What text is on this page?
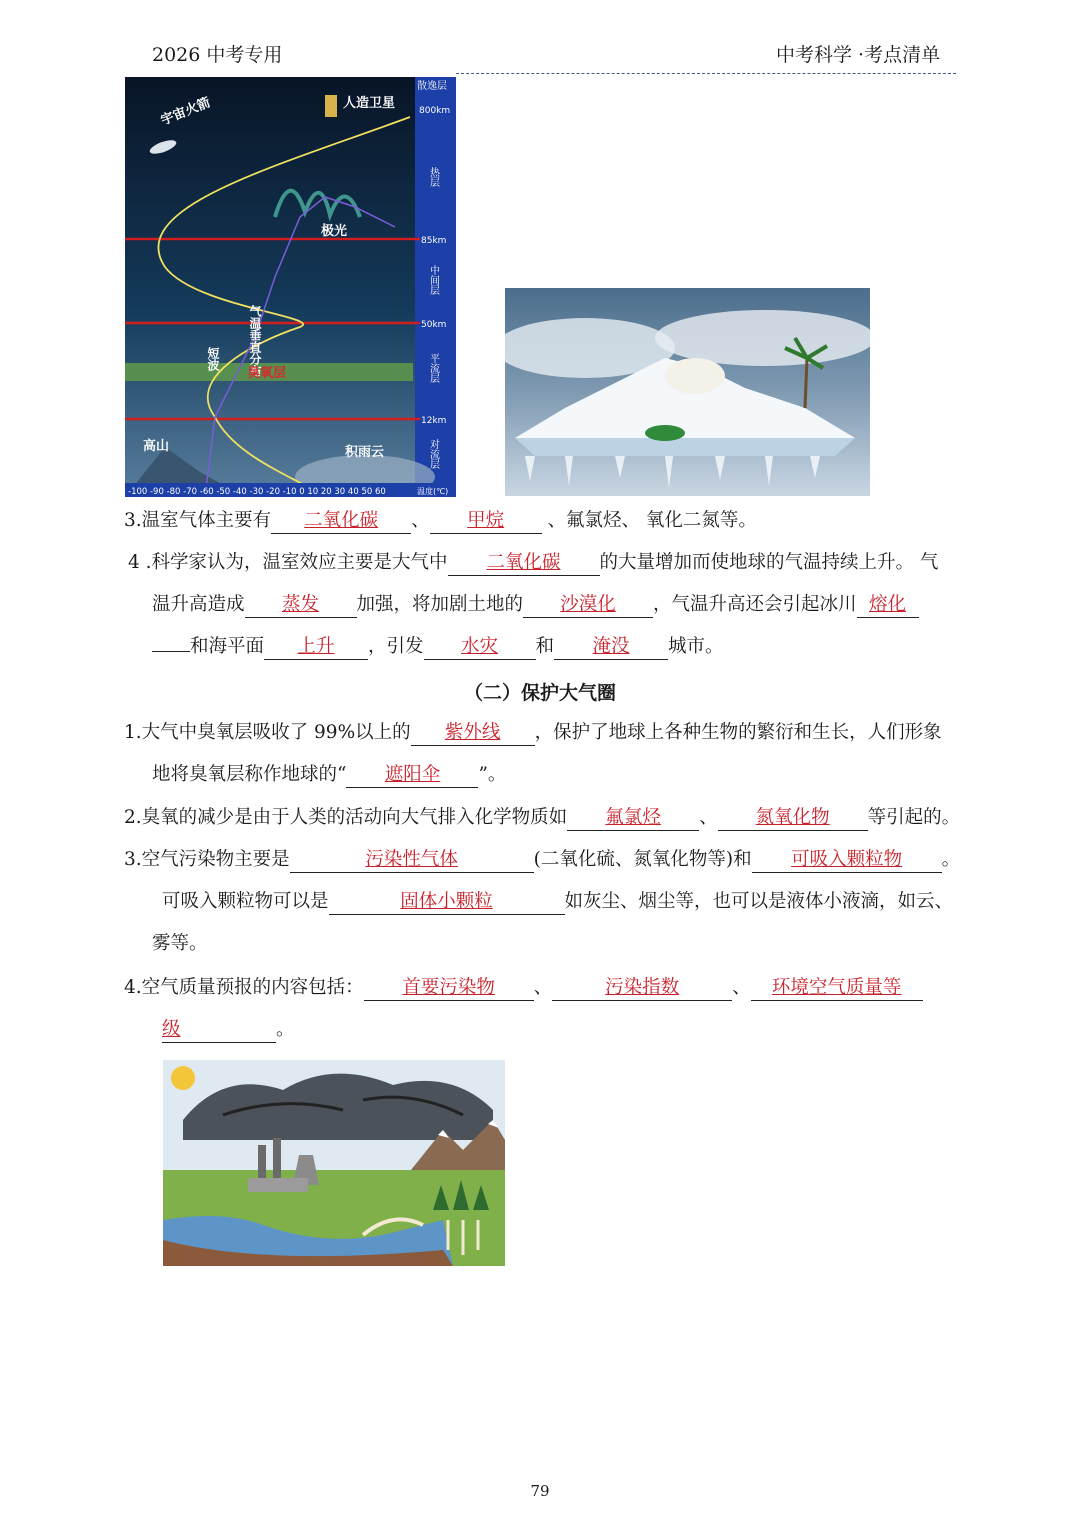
2026 中考专用	中考科学 ·考点清单
宇宙火箭	人造卫星
极光
气温垂直分布
短波
臭氧层
高山	积雨云
散逸层
800km
热层
85km
中间层
50km
平流层
12km
对流层
-100 -90 -80 -70 -60 -50 -40 -30 -20 -10 0 10 20 30 40 50 60	温度(℃)
3.温室气体主要有 二氧化碳 、 甲烷 、氟氯烃、 氧化二氮等。
4 .科学家认为，温室效应主要是大气中 二氧化碳 的大量增加而使地球的气温持续上升。 气
温升高造成 蒸发 加强，将加剧土地的 沙漠化 ，气温升高还会引起冰川 熔化
和海平面 上升 ，引发 水灾 和 淹没 城市。
（二）保护大气圈
1.大气中臭氧层吸收了 99%以上的 紫外线 ，保护了地球上各种生物的繁衍和生长，人们形象
地将臭氧层称作地球的“ 遮阳伞 ”。
2.臭氧的减少是由于人类的活动向大气排入化学物质如 氟氯烃 、 氮氧化物 等引起的。
3.空气污染物主要是	污染性气体	(二氧化硫、氮氧化物等)和 可吸入颗粒物 。
可吸入颗粒物可以是	固体小颗粒	如灰尘、烟尘等，也可以是液体小液滴，如云、
雾等。
4.空气质量预报的内容包括： 首要污染物 、	污染指数	、 环境空气质量等
级	。
79
